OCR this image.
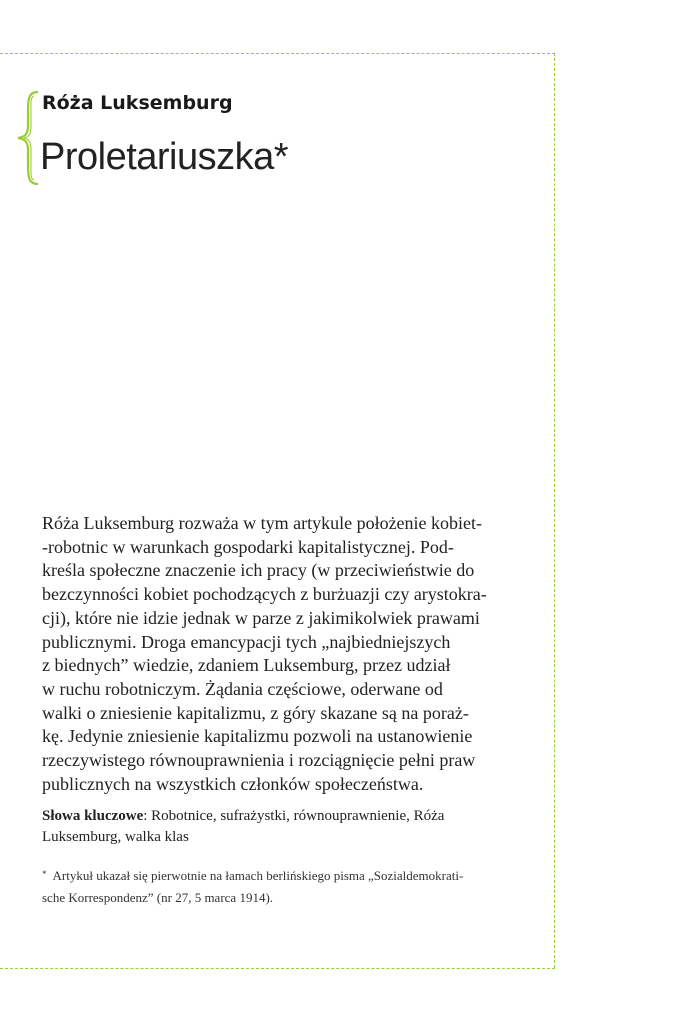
Róża Luksemburg
Proletariuszka*
Róża Luksemburg rozważa w tym artykule położenie kobiet-
-robotnic w warunkach gospodarki kapitalistycznej. Pod-
kreśla społeczne znaczenie ich pracy (w przeciwieństwie do
bezczynności kobiet pochodzących z burżuazji czy arystokra-
cji), które nie idzie jednak w parze z jakimikolwiek prawami
publicznymi. Droga emancypacji tych „najbiedniejszych
z biednych” wiedzie, zdaniem Luksemburg, przez udział
w ruchu robotniczym. Żądania częściowe, oderwane od
walki o zniesienie kapitalizmu, z góry skazane są na poraż-
kę. Jedynie zniesienie kapitalizmu pozwoli na ustanowienie
rzeczywistego równouprawnienia i rozciągnięcie pełni praw
publicznych na wszystkich członków społeczeństwa.
Słowa kluczowe: Robotnice, sufrażystki, równouprawnienie, Róża
Luksemburg, walka klas
* Artykuł ukazał się pierwotnie na łamach berlińskiego pisma „Sozialdemokrati-
sche Korrespondenz” (nr 27, 5 marca 1914).
